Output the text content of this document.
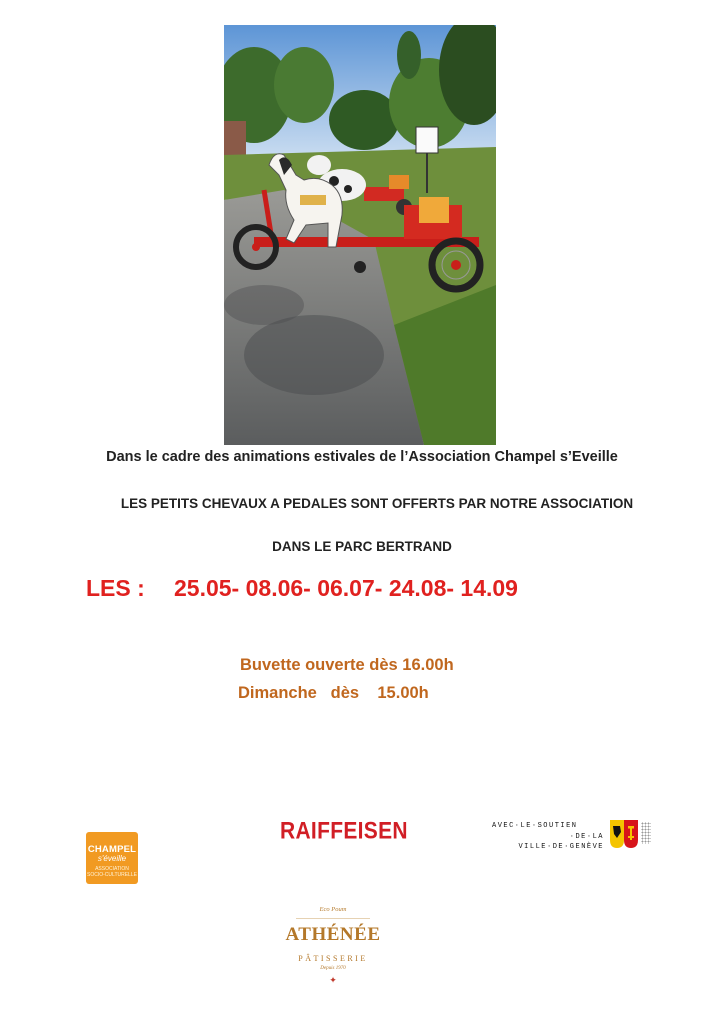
Dans le cadre des animations estivales de l’Association Champel s’Eveille
LES PETITS CHEVAUX A PEDALES SONT OFFERTS PAR NOTRE ASSOCIATION
DANS LE PARC BERTRAND
LES : 25.05- 08.06- 06.07- 24.08- 14.09
Buvette ouverte dès 16.00h
Dimanche   dès    15.00h
CHAMPEL
s'éveille
ASSOCIATION SOCIO-CULTURELLE
RAIFFEISEN	AVEC·LE·SOUTIEN
·DE·LA
VILLE·DE·GENÈVE
Eco Poum
ATHÉNÉE
PÂTISSERIE
Depuis 1970
✦
